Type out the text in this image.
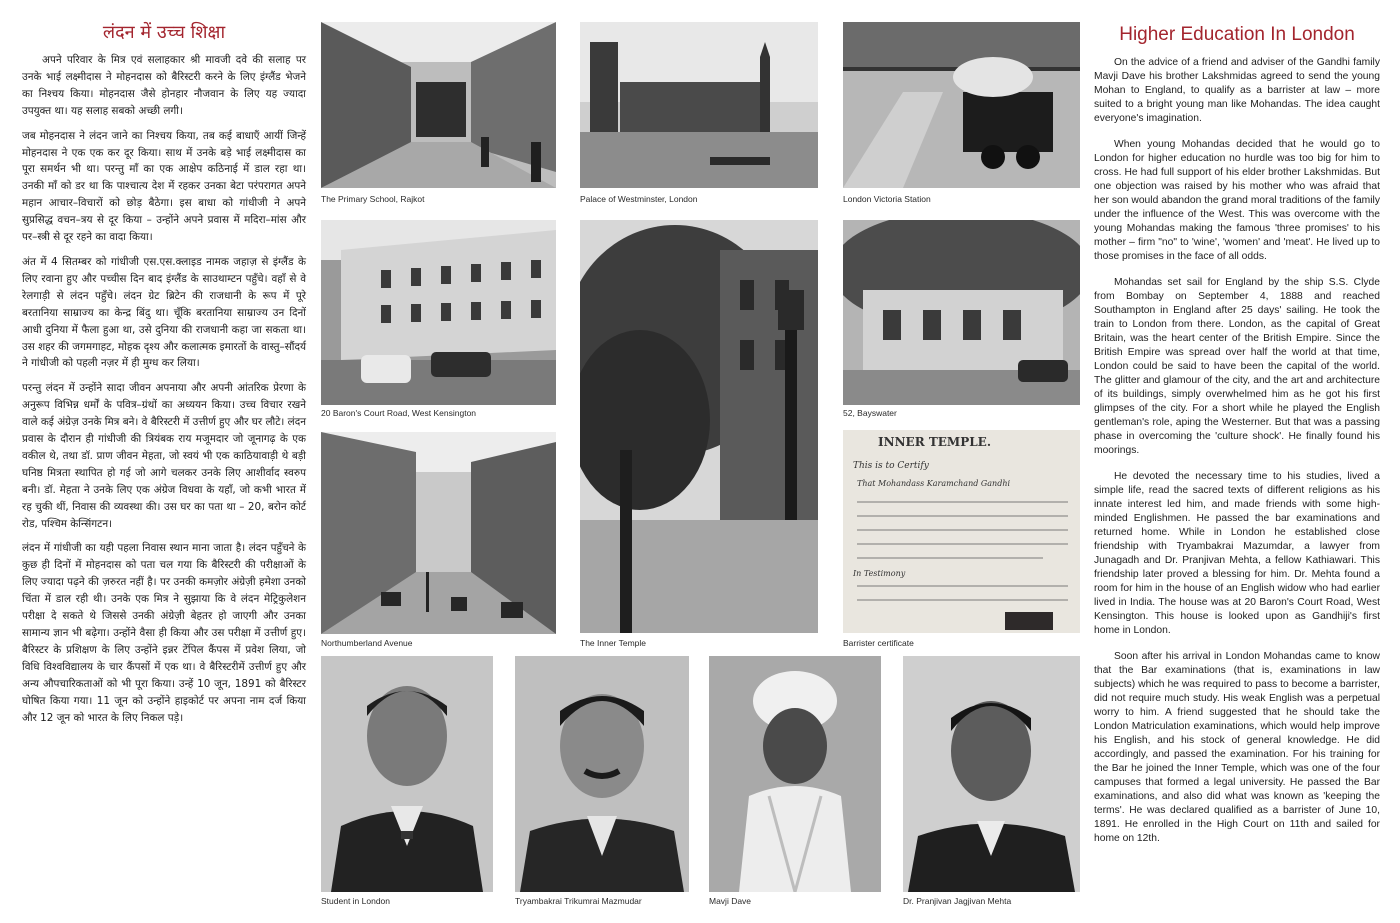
लंदन में उच्च शिक्षा

अपने परिवार के मित्र एवं सलाहकार श्री मावजी दवे की सलाह पर उनके भाई लक्ष्मीदास ने मोहनदास को बैरिस्टरी करने के लिए इंग्लैंड भेजने का निश्चय किया। मोहनदास जैसे होनहार नौजवान के लिए यह ज्यादा उपयुक्त था। यह सलाह सबको अच्छी लगी।

जब मोहनदास ने लंदन जाने का निश्चय किया, तब कई बाधाएँ आयीं जिन्हें मोहनदास ने एक एक कर दूर किया। साथ में उनके बड़े भाई लक्ष्मीदास का पूरा समर्थन भी था। परन्तु माँ का एक आक्षेप कठिनाई में डाल रहा था। उनकी माँ को डर था कि पाश्चात्य देश में रहकर उनका बेटा परंपरागत अपने महान आचार–विचारों को छोड़ बैठेगा। इस बाधा को गांधीजी ने अपने सुप्रसिद्ध वचन–त्रय से दूर किया – उन्होंने अपने प्रवास में मदिरा–मांस और पर–स्त्री से दूर रहने का वादा किया।

अंत में 4 सितम्बर को गांधीजी एस.एस.क्लाइड नामक जहाज़ से इंग्लैंड के लिए रवाना हुए और पच्चीस दिन बाद इंग्लैंड के साउथाम्टन पहुँचे। वहाँ से वे रेलगाड़ी से लंदन पहुँचे। लंदन ग्रेट ब्रिटेन की राजधानी के रूप में पूरे बरतानिया साम्राज्य का केन्द्र बिंदु था। चूँकि बरतानिया साम्राज्य उन दिनों आधी दुनिया में फैला हुआ था, उसे दुनिया की राजधानी कहा जा सकता था। उस शहर की जगमगाहट, मोहक दृश्य और कलात्मक इमारतों के वास्तु–सौंदर्य ने गांधीजी को पहली नज़र में ही मुग्ध कर लिया।

परन्तु लंदन में उन्होंने सादा जीवन अपनाया और अपनी आंतरिक प्रेरणा के अनुरूप विभिन्न धर्मों के पवित्र–ग्रंथों का अध्ययन किया। उच्च विचार रखने वाले कई अंग्रेज़ उनके मित्र बने। वे बैरिस्टरी में उत्तीर्ण हुए और घर लौटे। लंदन प्रवास के दौरान ही गांधीजी की त्रियंबक राय मजूमदार जो जूनागढ़ के एक वकील थे, तथा डॉ. प्राण जीवन मेहता, जो स्वयं भी एक काठियावाड़ी थे बड़ी घनिष्ठ मित्रता स्थापित हो गई जो आगे चलकर उनके लिए आशीर्वाद स्वरुप बनी। डॉ. मेहता ने उनके लिए एक अंग्रेज विधवा के यहाँ, जो कभी भारत में रह चुकी थीं, निवास की व्यवस्था की। उस घर का पता था – 20, बरोन कोर्ट रोड, पश्चिम केन्सिंगटन।

लंदन में गांधीजी का यही पहला निवास स्थान माना जाता है। लंदन पहुँचने के कुछ ही दिनों में मोहनदास को पता चल गया कि बैरिस्टरी की परीक्षाओं के लिए ज्यादा पढ़ने की ज़रुरत नहीं है। पर उनकी कमज़ोर अंग्रेज़ी हमेशा उनको चिंता में डाल रही थी। उनके एक मित्र ने सुझाया कि वे लंदन मेट्रिकुलेशन परीक्षा दे सकते थे जिससे उनकी अंग्रेज़ी बेहतर हो जाएगी और उनका सामान्य ज्ञान भी बढ़ेगा। उन्होंने वैसा ही किया और उस परीक्षा में उत्तीर्ण हुए। बैरिस्टर के प्रशिक्षण के लिए उन्होंने इन्नर टेंपिल कैंपस में प्रवेश लिया, जो विधि विश्वविद्यालय के चार कैंपसों में एक था। वे बैरिस्टरीमें उत्तीर्ण हुए और अन्य औपचारिकताओं को भी पूरा किया। उन्हें 10 जून, 1891 को बैरिस्टर घोषित किया गया। 11 जून को उन्होंने हाइकोर्ट पर अपना नाम दर्ज किया और 12 जून को भारत के लिए निकल पड़े।

Higher Education In London

On the advice of a friend and adviser of the Gandhi family Mavji Dave his brother Lakshmidas agreed to send the young Mohan to England, to qualify as a barrister at law – more suited to a bright young man like Mohandas. The idea caught everyone's imagination.

When young Mohandas decided that he would go to London for higher education no hurdle was too big for him to cross. He had full support of his elder brother Lakshmidas. But one objection was raised by his mother who was afraid that her son would abandon the grand moral traditions of the family under the influence of the West. This was overcome with the young Mohandas making the famous 'three promises' to his mother – firm "no" to 'wine', 'women' and 'meat'. He lived up to those promises in the face of all odds.

Mohandas set sail for England by the ship S.S. Clyde from Bombay on September 4, 1888 and reached Southampton in England after 25 days' sailing. He took the train to London from there. London, as the capital of Great Britain, was the heart center of the British Empire. Since the British Empire was spread over half the world at that time, London could be said to have been the capital of the world. The glitter and glamour of the city, and the art and architecture of its buildings, simply overwhelmed him as he got his first glimpses of the city. For a short while he played the English gentleman's role, aping the Westerner. But that was a passing phase in overcoming the 'culture shock'. He finally found his moorings.

He devoted the necessary time to his studies, lived a simple life, read the sacred texts of different religions as his innate interest led him, and made friends with some high-minded Englishmen. He passed the bar examinations and returned home. While in London he established close friendship with Tryambakrai Mazumdar, a lawyer from Junagadh and Dr. Pranjivan Mehta, a fellow Kathiawari. This friendship later proved a blessing for him. Dr. Mehta found a room for him in the house of an English widow who had earlier lived in India. The house was at 20 Baron's Court Road, West Kensington. This house is looked upon as Gandhiji's first home in London.

Soon after his arrival in London Mohandas came to know that the Bar examinations (that is, examinations in law subjects) which he was required to pass to become a barrister, did not require much study. His weak English was a perpetual worry to him. A friend suggested that he should take the London Matriculation examinations, which would help improve his English, and his stock of general knowledge. He did accordingly, and passed the examination. For his training for the Bar he joined the Inner Temple, which was one of the four campuses that formed a legal university. He passed the Bar examinations, and also did what was known as 'keeping the terms'. He was declared qualified as a barrister of June 10, 1891. He enrolled in the High Court on 11th and sailed for home on 12th.

The Primary School, Rajkot	Palace of Westminster, London	London Victoria Station
20 Baron's Court Road, West Kensington
The Inner Temple
52, Bayswater
Northumberland Avenue
INNER TEMPLE.
This is to Certify
That Mohandass Karamchand Gandhi
In Testimony
Barrister certificate
Student in London	Tryambakrai Trikumrai Mazmudar	Mavji Dave	Dr. Pranjivan Jagjivan Mehta
